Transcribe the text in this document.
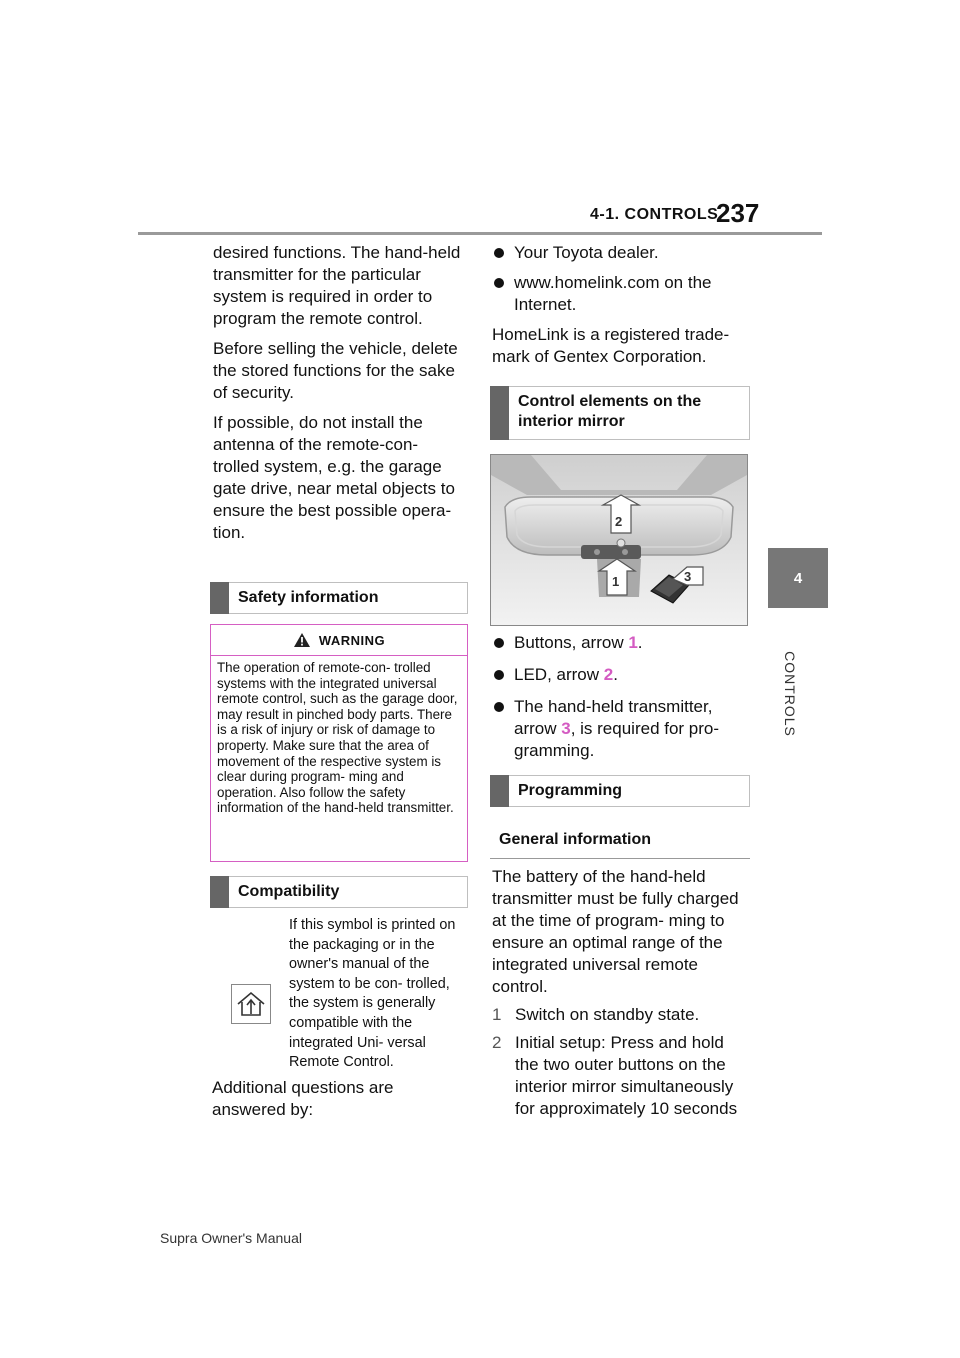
4-1. CONTROLS
237
4
CONTROLS

desired functions. The hand-held transmitter for the particular system is required in order to program the remote control.

Before selling the vehicle, delete the stored functions for the sake of security.

If possible, do not install the antenna of the remote-con- trolled system, e.g. the garage gate drive, near metal objects to ensure the best possible opera- tion.

Safety information
WARNING
The operation of remote-con- trolled systems with the integrated universal remote control, such as the garage door, may result in pinched body parts. There is a risk of injury or risk of damage to property. Make sure that the area of movement of the respective system is clear during program- ming and operation. Also follow the safety information of the hand-held transmitter.
Compatibility
If this symbol is printed on the packaging or in the owner's manual of the system to be con- trolled, the system is generally compatible with the integrated Uni- versal Remote Control.
Additional questions are answered by:

Your Toyota dealer.

www.homelink.com on the Internet.

HomeLink is a registered trade- mark of Gentex Corporation.

Control elements on the interior mirror
2
1	3

Buttons, arrow 1.

LED, arrow 2.

The hand-held transmitter, arrow 3, is required for pro- gramming.

Programming
General information

The battery of the hand-held transmitter must be fully charged at the time of program- ming to ensure an optimal range of the integrated universal remote control.

1 Switch on standby state.

2 Initial setup: Press and hold the two outer buttons on the interior mirror simultaneously for approximately 10 seconds

Supra Owner's Manual
